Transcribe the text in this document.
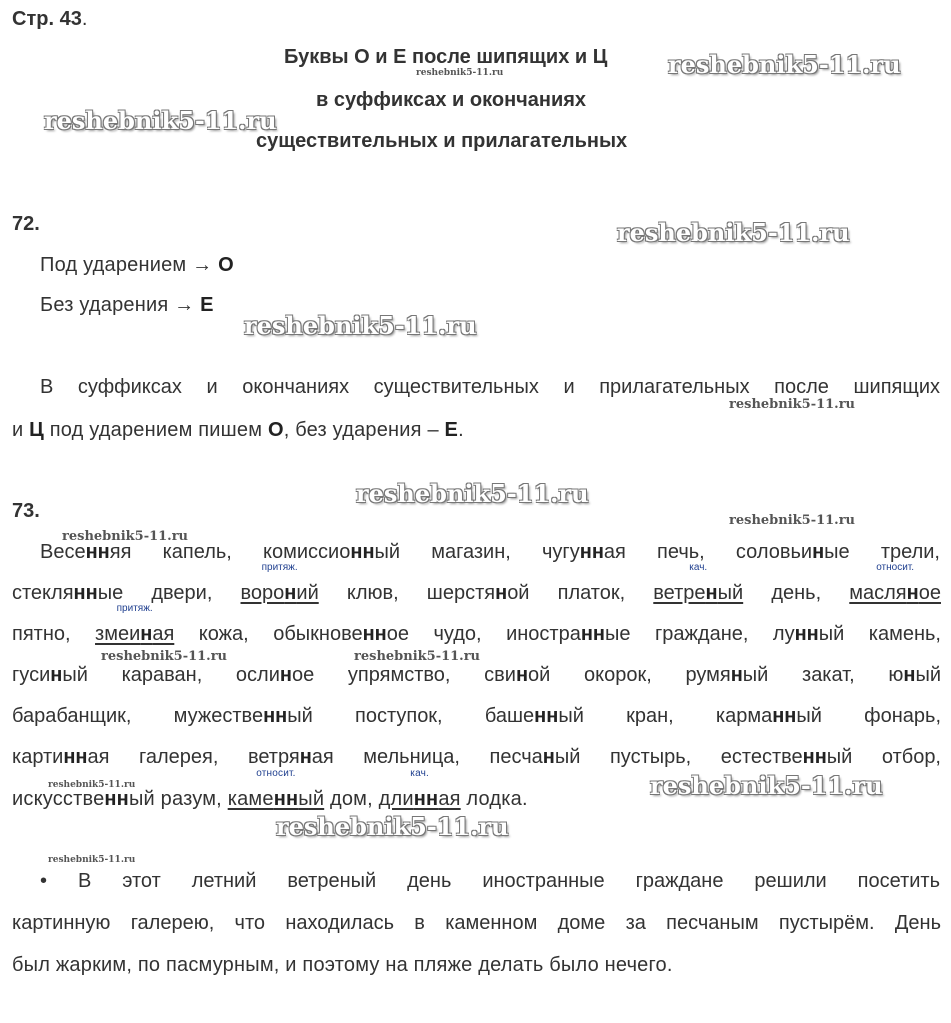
Стр. 43.
Буквы О и Е после шипящих и Ц
в суффиксах и окончаниях
существительных и прилагательных
reshebnik5-11.ru
reshebnik5-11.ru
reshebnik5-11.ru
reshebnik5-11.ru
reshebnik5-11.ru
reshebnik5-11.ru
reshebnik5-11.ru
reshebnik5-11.ru
reshebnik5-11.ru
reshebnik5-11.ru	reshebnik5-11.ru
reshebnik5-11.ru	reshebnik5-11.ru
reshebnik5-11.ru
reshebnik5-11.ru
72.
Под ударением → О
Без ударения → Е
В суффиксах и окончаниях существительных и прилагательных после шипящих
и Ц под ударением пишем О, без ударения – Е.
73.
Весенняя капель, комиссионный магазин, чугунная печь, соловьиные трели,
стеклянные двери, вороний
притяж.
клюв, шерстяной платок, ветреный
кач.
день, масляное
относит.
пятно, змеиная
притяж.
кожа, обыкновенное чудо, иностранные граждане, лунный камень,
гусиный караван, ослиное упрямство, свиной окорок, румяный закат, юный
барабанщик, мужественный поступок, башенный кран, карманный фонарь,
картинная галерея, ветряная мельница, песчаный пустырь, естественный отбор,
искусственный разум, каменный
относит.
дом, длинная
кач.
лодка.
• В этот летний ветреный день иностранные граждане решили посетить
картинную галерею, что находилась в каменном доме за песчаным пустырём. День
был жарким, по пасмурным, и поэтому на пляже делать было нечего.
